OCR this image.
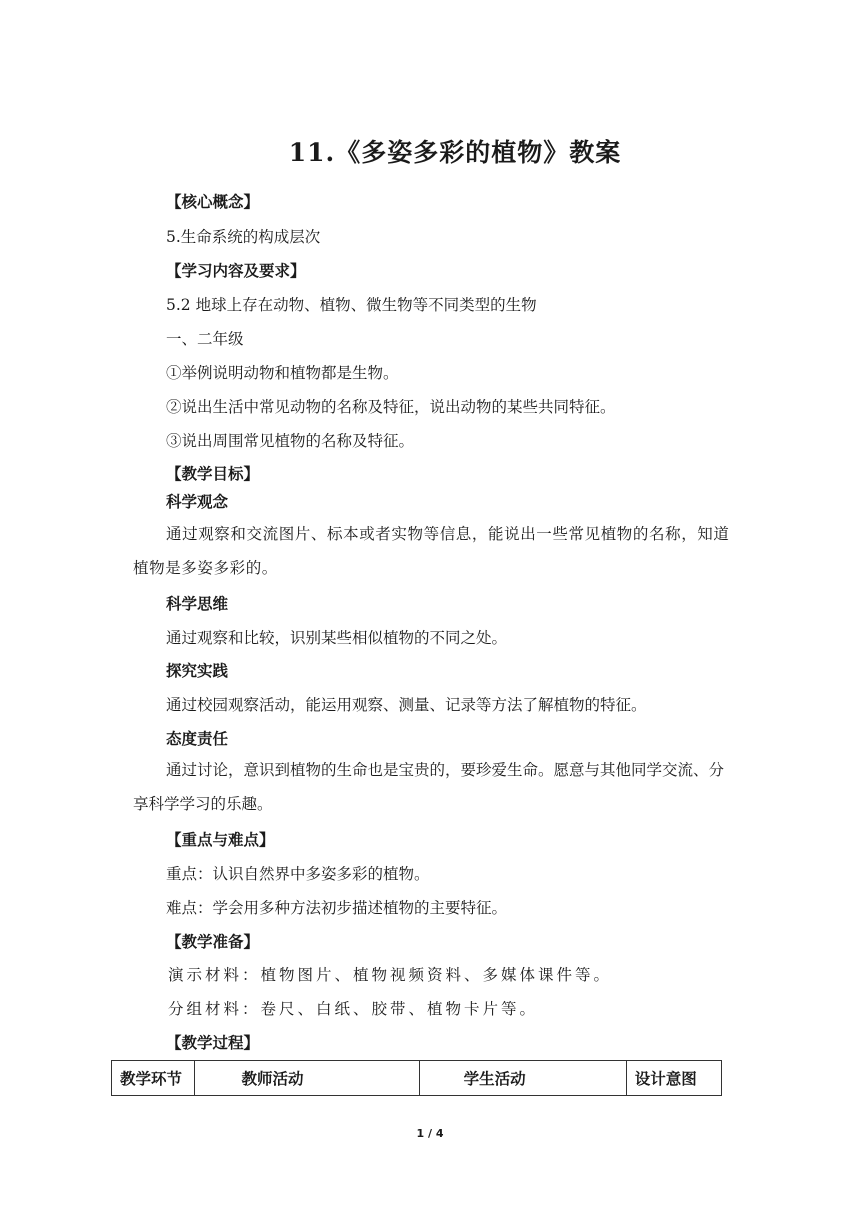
11.《多姿多彩的植物》教案
【核心概念】
5.生命系统的构成层次
【学习内容及要求】
5.2 地球上存在动物、植物、微生物等不同类型的生物
一、二年级
①举例说明动物和植物都是生物。
②说出生活中常见动物的名称及特征，说出动物的某些共同特征。
③说出周围常见植物的名称及特征。
【教学目标】
科学观念
通过观察和交流图片、标本或者实物等信息，能说出一些常见植物的名称，知道植物是多姿多彩的。
科学思维
通过观察和比较，识别某些相似植物的不同之处。
探究实践
通过校园观察活动，能运用观察、测量、记录等方法了解植物的特征。
态度责任
通过讨论，意识到植物的生命也是宝贵的，要珍爱生命。愿意与其他同学交流、分享科学学习的乐趣。
【重点与难点】
重点：认识自然界中多姿多彩的植物。
难点：学会用多种方法初步描述植物的主要特征。
【教学准备】
演示材料：植物图片、植物视频资料、多媒体课件等。
分组材料：卷尺、白纸、胶带、植物卡片等。
【教学过程】
教学环节	教师活动	学生活动	设计意图
1 / 4
